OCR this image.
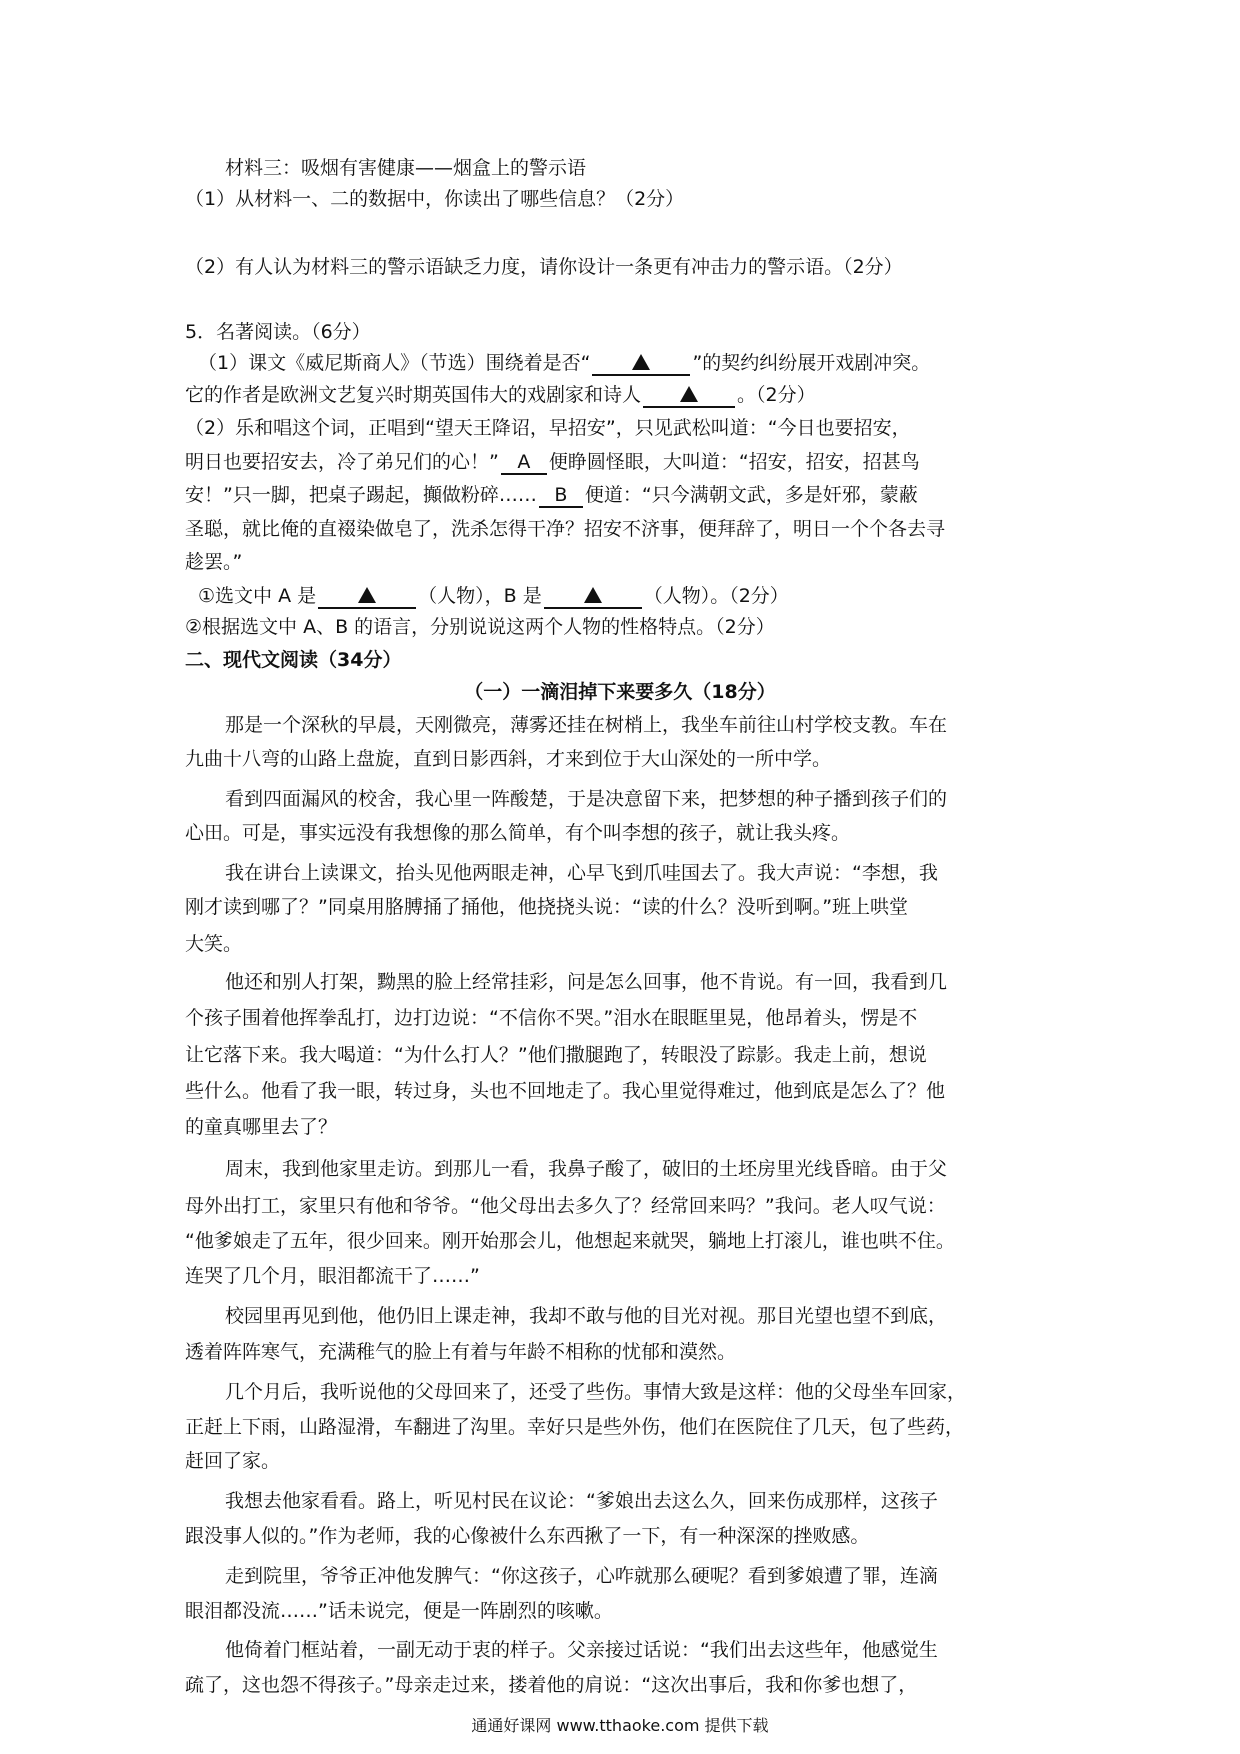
材料三：吸烟有害健康——烟盒上的警示语
（1）从材料一、二的数据中，你读出了哪些信息？（2分）
（2）有人认为材料三的警示语缺乏力度，请你设计一条更有冲击力的警示语。（2分）
5．名著阅读。（6分）
（1）课文《威尼斯商人》（节选）围绕着是否“	”的契约纠纷展开戏剧冲突。
它的作者是欧洲文艺复兴时期英国伟大的戏剧家和诗人	。（2分）
（2）乐和唱这个词，正唱到“望天王降诏，早招安”，只见武松叫道：“今日也要招安，
明日也要招安去，冷了弟兄们的心！” A 便睁圆怪眼，大叫道：“招安，招安，招甚鸟
安！”只一脚，把桌子踢起，攧做粉碎…… B 便道：“只今满朝文武，多是奸邪，蒙蔽
圣聪，就比俺的直裰染做皂了，洗杀怎得干净？招安不济事，便拜辞了，明日一个个各去寻
趁罢。”
①选文中 A 是	（人物），B 是	（人物）。（2分）
②根据选文中 A、B 的语言，分别说说这两个人物的性格特点。（2分）
二、现代文阅读（34分）
（一）一滴泪掉下来要多久（18分）
那是一个深秋的早晨，天刚微亮，薄雾还挂在树梢上，我坐车前往山村学校支教。车在
九曲十八弯的山路上盘旋，直到日影西斜，才来到位于大山深处的一所中学。
看到四面漏风的校舍，我心里一阵酸楚，于是决意留下来，把梦想的种子播到孩子们的
心田。可是，事实远没有我想像的那么简单，有个叫李想的孩子，就让我头疼。
我在讲台上读课文，抬头见他两眼走神，心早飞到爪哇国去了。我大声说：“李想，我
刚才读到哪了？”同桌用胳膊捅了捅他，他挠挠头说：“读的什么？没听到啊。”班上哄堂
大笑。
他还和别人打架，黝黑的脸上经常挂彩，问是怎么回事，他不肯说。有一回，我看到几
个孩子围着他挥拳乱打，边打边说：“不信你不哭。”泪水在眼眶里晃，他昂着头，愣是不
让它落下来。我大喝道：“为什么打人？”他们撒腿跑了，转眼没了踪影。我走上前，想说
些什么。他看了我一眼，转过身，头也不回地走了。我心里觉得难过，他到底是怎么了？他
的童真哪里去了？
周末，我到他家里走访。到那儿一看，我鼻子酸了，破旧的土坯房里光线昏暗。由于父
母外出打工，家里只有他和爷爷。“他父母出去多久了？经常回来吗？”我问。老人叹气说：
“他爹娘走了五年，很少回来。刚开始那会儿，他想起来就哭，躺地上打滚儿，谁也哄不住。
连哭了几个月，眼泪都流干了……”
校园里再见到他，他仍旧上课走神，我却不敢与他的目光对视。那目光望也望不到底，
透着阵阵寒气，充满稚气的脸上有着与年龄不相称的忧郁和漠然。
几个月后，我听说他的父母回来了，还受了些伤。事情大致是这样：他的父母坐车回家，
正赶上下雨，山路湿滑，车翻进了沟里。幸好只是些外伤，他们在医院住了几天，包了些药，
赶回了家。
我想去他家看看。路上，听见村民在议论：“爹娘出去这么久，回来伤成那样，这孩子
跟没事人似的。”作为老师，我的心像被什么东西揪了一下，有一种深深的挫败感。
走到院里，爷爷正冲他发脾气：“你这孩子，心咋就那么硬呢？看到爹娘遭了罪，连滴
眼泪都没流……”话未说完，便是一阵剧烈的咳嗽。
他倚着门框站着，一副无动于衷的样子。父亲接过话说：“我们出去这些年，他感觉生
疏了，这也怨不得孩子。”母亲走过来，搂着他的肩说：“这次出事后，我和你爹也想了，
通通好课网 www.tthaoke.com 提供下载
